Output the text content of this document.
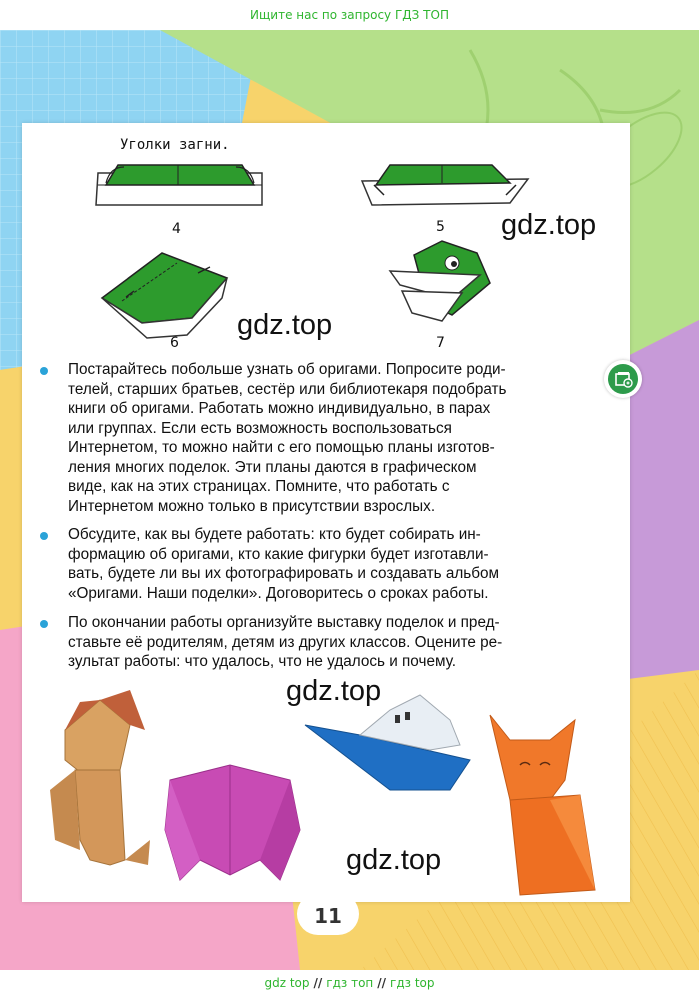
Ищите нас по запросу ГДЗ ТОП
Уголки загни.
4	5
6	7
gdz.top
gdz.top
Постарайтесь побольше узнать об оригами. Попросите роди-
телей, старших братьев, сестёр или библиотекаря подобрать
книги об оригами. Работать можно индивидуально, в парах
или группах. Если есть возможность воспользоваться
Интернетом, то можно найти с его помощью планы изготов-
ления многих поделок. Эти планы даются в графическом
виде, как на этих страницах. Помните, что работать с
Интернетом можно только в присутствии взрослых.
Обсудите, как вы будете работать: кто будет собирать ин-
формацию об оригами, кто какие фигурки будет изготавли-
вать, будете ли вы их фотографировать и создавать альбом
«Оригами. Наши поделки». Договоритесь о сроках работы.
По окончании работы организуйте выставку поделок и пред-
ставьте её родителям, детям из других классов. Оцените ре-
зультат работы: что удалось, что не удалось и почему.
gdz.top
gdz.top
11
gdz top // гдз топ // гдз top
